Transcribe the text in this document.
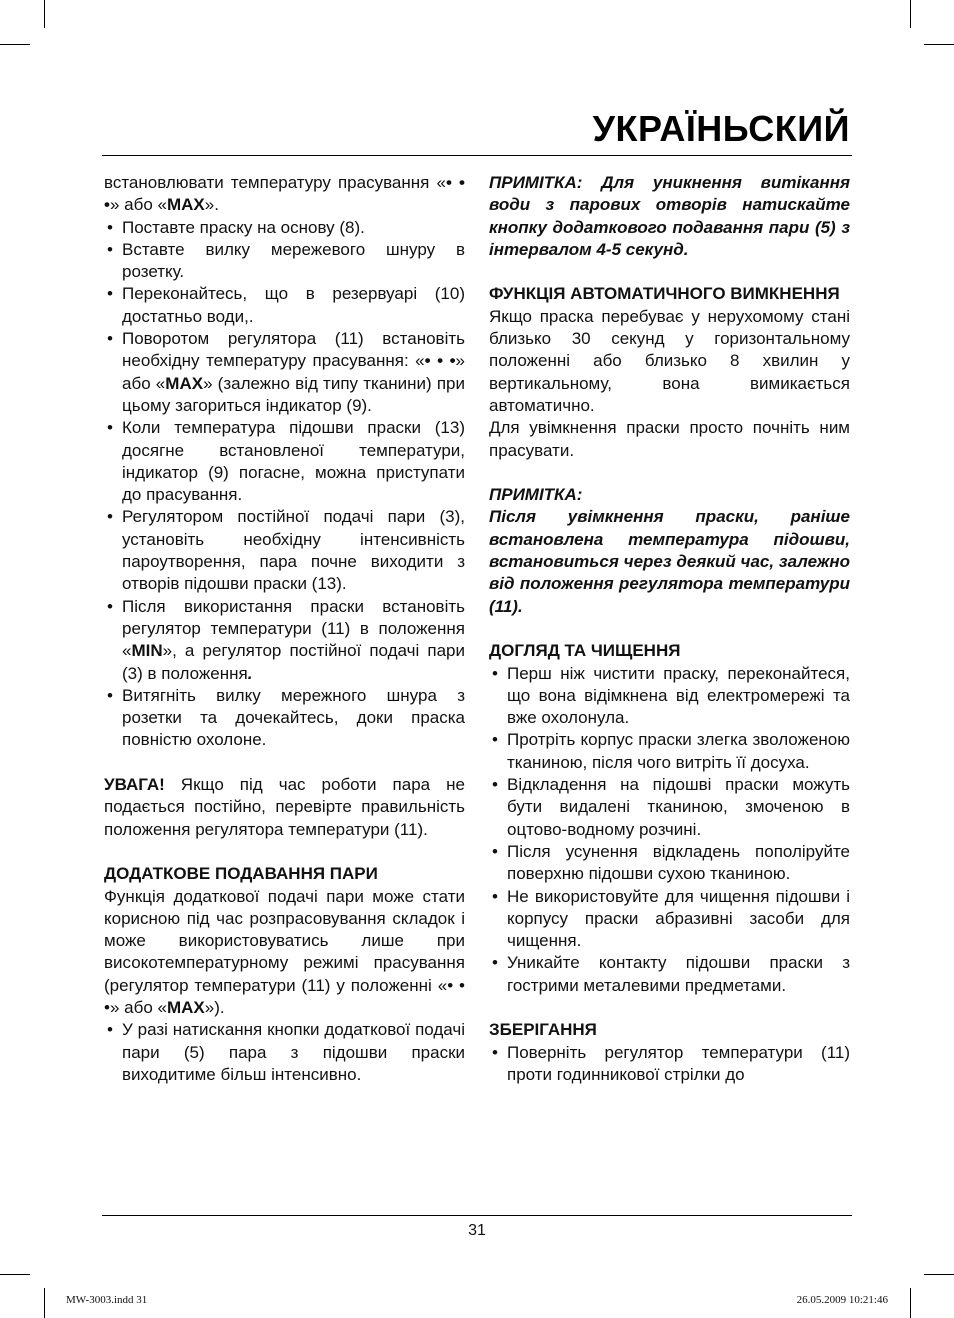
УКРАЇНЬСКИЙ

встановлювати температуру прасування «• • •» або «MAX».

• Поставте праску на основу (8).
• Вставте вилку мережевого шнуру в розетку.
• Переконайтесь, що в резервуарі (10) достатньо води,.
• Поворотом регулятора (11) встановіть необхідну температуру прасування: «• • •» або «MAX» (залежно від типу тканини) при цьому загориться індикатор (9).
• Коли температура підошви праски (13) досягне встановленої температури, індикатор (9) погасне, можна приступати до прасування.
• Регулятором постійної подачі пари (3), установіть необхідну інтенсивність пароутворення, пара почне виходити з отворів підошви праски (13).
• Після використання праски встановіть регулятор температури (11) в положення «MIN», а регулятор постійної подачі пари (3) в положення.
• Витягніть вилку мережного шнура з розетки та дочекайтесь, доки праска повністю охолоне.

УВАГА! Якщо під час роботи пара не подається постійно, перевірте правильність положення регулятора температури (11).

ДОДАТКОВЕ ПОДАВАННЯ ПАРИ

Функція додаткової подачі пари може стати корисною під час розпрасовування складок і може використовуватись лише при високотемпературному режимі прасування (регулятор температури (11) у положенні «• • •» або «MAX»).

• У разі натискання кнопки додаткової подачі пари (5) пара з підошви праски виходитиме більш інтенсивно.

ПРИМІТКА: Для уникнення витікання води з парових отворів натискайте кнопку додаткового подавання пари (5) з інтервалом 4-5 секунд.

ФУНКЦІЯ АВТОМАТИЧНОГО ВИМКНЕННЯ

Якщо праска перебуває у нерухомому стані близько 30 секунд у горизонтальному положенні або близько 8 хвилин у вертикальному, вона вимикається автоматично.

Для увімкнення праски просто почніть ним прасувати.

ПРИМІТКА:

Після увімкнення праски, раніше встановлена температура підошви, встановиться через деякий час, залежно від положення регулятора температури (11).

ДОГЛЯД ТА ЧИЩЕННЯ
• Перш ніж чистити праску, переконайтеся, що вона відімкнена від електромережі та вже охолонула.
• Протріть корпус праски злегка зволоженою тканиною, після чого витріть її досуха.
• Відкладення на підошві праски можуть бути видалені тканиною, змоченою в оцтово-водному розчині.
• Після усунення відкладень пополіруйте поверхню підошви сухою тканиною.
• Не використовуйте для чищення підошви і корпусу праски абразивні засоби для чищення.
• Уникайте контакту підошви праски з гострими металевими предметами.
ЗБЕРІГАННЯ
• Поверніть регулятор температури (11) проти годинникової стрілки до
31
MW-3003.indd 31	26.05.2009 10:21:46
